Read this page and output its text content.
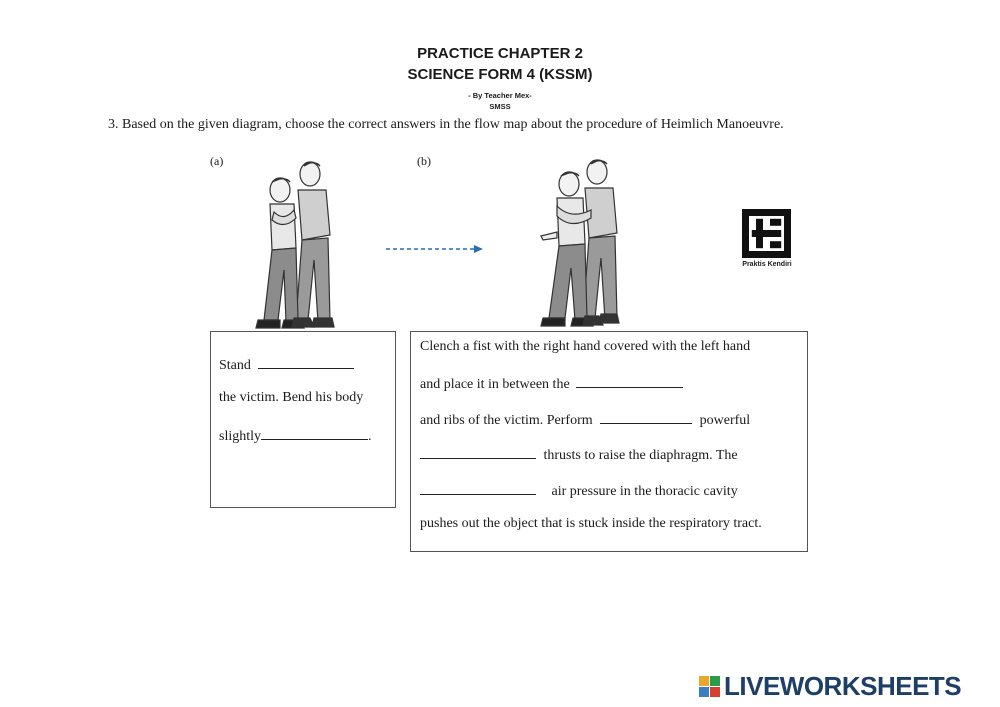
PRACTICE CHAPTER 2
SCIENCE FORM 4 (KSSM)
- By Teacher Mex-
SMSS
3. Based on the given diagram, choose the correct answers in the flow map about the procedure of Heimlich Manoeuvre.
(a)	(b)
Praktis Kendiri
Stand
the victim. Bend his body
slightly	.
Clench a fist with the right hand covered with the left hand
and place it in between the
and ribs of the victim. Perform	powerful
thrusts to raise the diaphragm. The
air pressure in the thoracic cavity
pushes out the object that is stuck inside the respiratory tract.
LIVEWORKSHEETS
